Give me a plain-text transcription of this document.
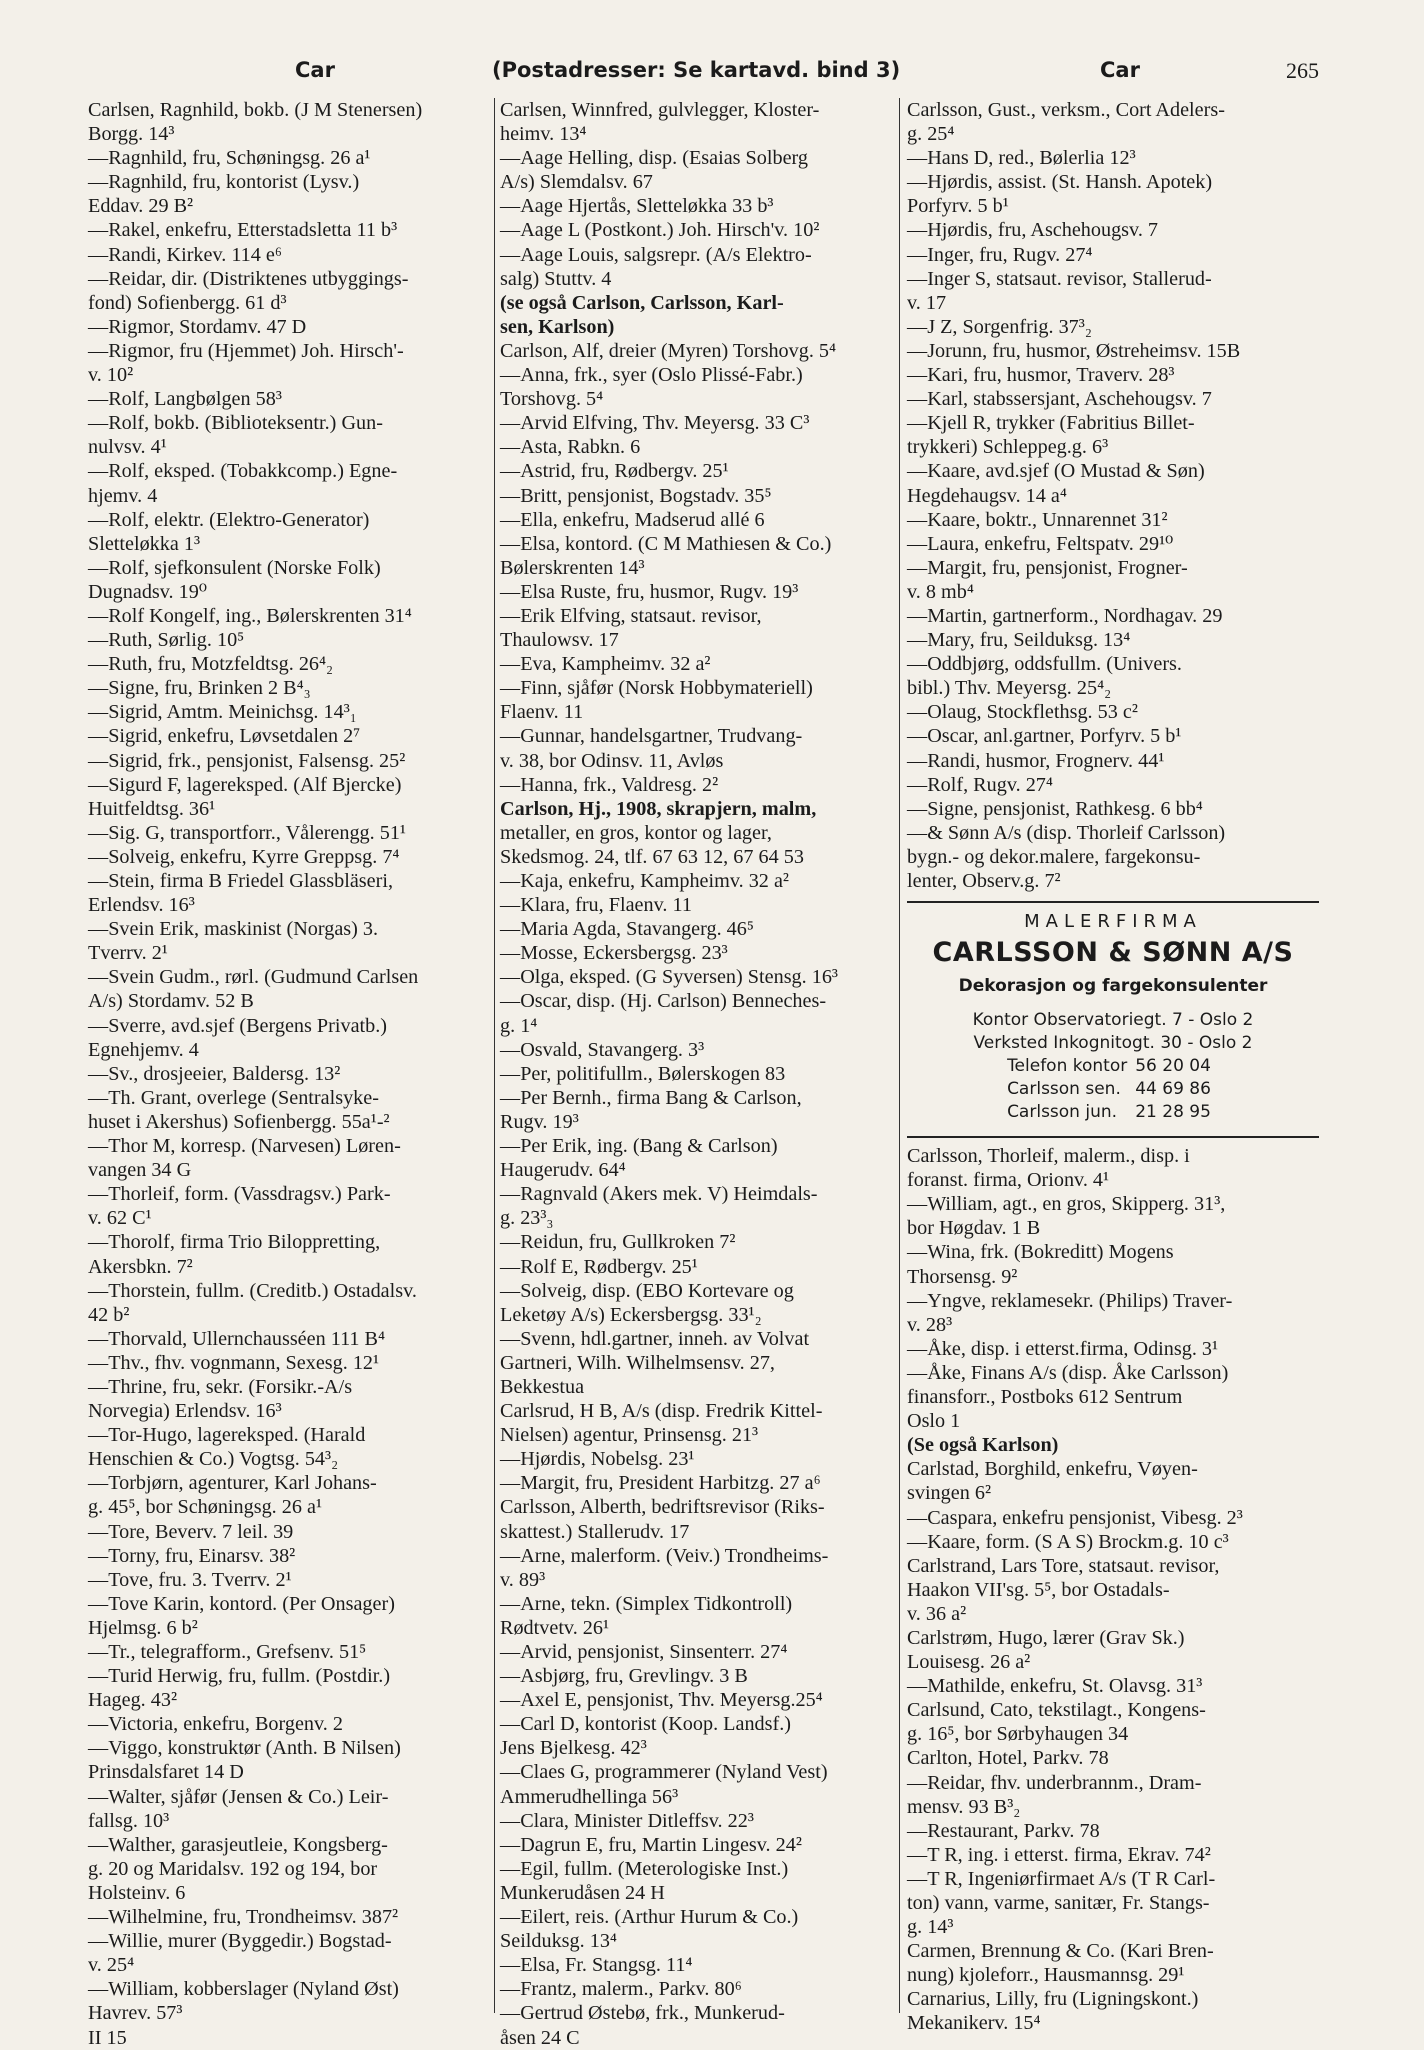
Car	(Postadresser: Se kartavd. bind 3)	Car	265
Carlsen, Ragnhild, bokb. (J M Stenersen)
Borgg. 14³
—Ragnhild, fru, Schøningsg. 26 a¹
—Ragnhild, fru, kontorist (Lysv.)
Eddav. 29 B²
—Rakel, enkefru, Etterstadsletta 11 b³
—Randi, Kirkev. 114 e⁶
—Reidar, dir. (Distriktenes utbyggings-
fond) Sofienbergg. 61 d³
—Rigmor, Stordamv. 47 D
—Rigmor, fru (Hjemmet) Joh. Hirsch'-
v. 10²
—Rolf, Langbølgen 58³
—Rolf, bokb. (Biblioteksentr.) Gun-
nulvsv. 4¹
—Rolf, eksped. (Tobakkcomp.) Egne-
hjemv. 4
—Rolf, elektr. (Elektro-Generator)
Sletteløkka 1³
—Rolf, sjefkonsulent (Norske Folk)
Dugnadsv. 19⁰
—Rolf Kongelf, ing., Bølerskrenten 31⁴
—Ruth, Sørlig. 10⁵
—Ruth, fru, Motzfeldtsg. 26⁴₂
—Signe, fru, Brinken 2 B⁴₃
—Sigrid, Amtm. Meinichsg. 14³₁
—Sigrid, enkefru, Løvsetdalen 2⁷
—Sigrid, frk., pensjonist, Falsensg. 25²
—Sigurd F, lagereksped. (Alf Bjercke)
Huitfeldtsg. 36¹
—Sig. G, transportforr., Vålerengg. 51¹
—Solveig, enkefru, Kyrre Greppsg. 7⁴
—Stein, firma B Friedel Glassbläseri,
Erlendsv. 16³
—Svein Erik, maskinist (Norgas) 3.
Tverrv. 2¹
—Svein Gudm., rørl. (Gudmund Carlsen
A/s) Stordamv. 52 B
—Sverre, avd.sjef (Bergens Privatb.)
Egnehjemv. 4
—Sv., drosjeeier, Baldersg. 13²
—Th. Grant, overlege (Sentralsyke-
huset i Akershus) Sofienbergg. 55a¹-²
—Thor M, korresp. (Narvesen) Løren-
vangen 34 G
—Thorleif, form. (Vassdragsv.) Park-
v. 62 C¹
—Thorolf, firma Trio Biloppretting,
Akersbkn. 7²
—Thorstein, fullm. (Creditb.) Ostadalsv.
42 b²
—Thorvald, Ullernchausséen 111 B⁴
—Thv., fhv. vognmann, Sexesg. 12¹
—Thrine, fru, sekr. (Forsikr.-A/s
Norvegia) Erlendsv. 16³
—Tor-Hugo, lagereksped. (Harald
Henschien & Co.) Vogtsg. 54³₂
—Torbjørn, agenturer, Karl Johans-
g. 45⁵, bor Schøningsg. 26 a¹
—Tore, Beverv. 7 leil. 39
—Torny, fru, Einarsv. 38²
—Tove, fru. 3. Tverrv. 2¹
—Tove Karin, kontord. (Per Onsager)
Hjelmsg. 6 b²
—Tr., telegrafform., Grefsenv. 51⁵
—Turid Herwig, fru, fullm. (Postdir.)
Hageg. 43²
—Victoria, enkefru, Borgenv. 2
—Viggo, konstruktør (Anth. B Nilsen)
Prinsdalsfaret 14 D
—Walter, sjåfør (Jensen & Co.) Leir-
fallsg. 10³
—Walther, garasjeutleie, Kongsberg-
g. 20 og Maridalsv. 192 og 194, bor
Holsteinv. 6
—Wilhelmine, fru, Trondheimsv. 387²
—Willie, murer (Byggedir.) Bogstad-
v. 25⁴
—William, kobberslager (Nyland Øst)
Havrev. 57³
II 15
Carlsen, Winnfred, gulvlegger, Kloster-
heimv. 13⁴
—Aage Helling, disp. (Esaias Solberg
A/s) Slemdalsv. 67
—Aage Hjertås, Sletteløkka 33 b³
—Aage L (Postkont.) Joh. Hirsch'v. 10²
—Aage Louis, salgsrepr. (A/s Elektro-
salg) Stuttv. 4
(se også Carlson, Carlsson, Karl-
sen, Karlson)
Carlson, Alf, dreier (Myren) Torshovg. 5⁴
—Anna, frk., syer (Oslo Plissé-Fabr.)
Torshovg. 5⁴
—Arvid Elfving, Thv. Meyersg. 33 C³
—Asta, Rabkn. 6
—Astrid, fru, Rødbergv. 25¹
—Britt, pensjonist, Bogstadv. 35⁵
—Ella, enkefru, Madserud allé 6
—Elsa, kontord. (C M Mathiesen & Co.)
Bølerskrenten 14³
—Elsa Ruste, fru, husmor, Rugv. 19³
—Erik Elfving, statsaut. revisor,
Thaulowsv. 17
—Eva, Kampheimv. 32 a²
—Finn, sjåfør (Norsk Hobbymateriell)
Flaenv. 11
—Gunnar, handelsgartner, Trudvang-
v. 38, bor Odinsv. 11, Avløs
—Hanna, frk., Valdresg. 2²
Carlson, Hj., 1908, skrapjern, malm,
metaller, en gros, kontor og lager,
Skedsmog. 24, tlf. 67 63 12, 67 64 53
—Kaja, enkefru, Kampheimv. 32 a²
—Klara, fru, Flaenv. 11
—Maria Agda, Stavangerg. 46⁵
—Mosse, Eckersbergsg. 23³
—Olga, eksped. (G Syversen) Stensg. 16³
—Oscar, disp. (Hj. Carlson) Benneches-
g. 1⁴
—Osvald, Stavangerg. 3³
—Per, politifullm., Bølerskogen 83
—Per Bernh., firma Bang & Carlson,
Rugv. 19³
—Per Erik, ing. (Bang & Carlson)
Haugerudv. 64⁴
—Ragnvald (Akers mek. V) Heimdals-
g. 23³₃
—Reidun, fru, Gullkroken 7²
—Rolf E, Rødbergv. 25¹
—Solveig, disp. (EBO Kortevare og
Leketøy A/s) Eckersbergsg. 33¹₂
—Svenn, hdl.gartner, inneh. av Volvat
Gartneri, Wilh. Wilhelmsensv. 27,
Bekkestua
Carlsrud, H B, A/s (disp. Fredrik Kittel-
Nielsen) agentur, Prinsensg. 21³
—Hjørdis, Nobelsg. 23¹
—Margit, fru, President Harbitzg. 27 a⁶
Carlsson, Alberth, bedriftsrevisor (Riks-
skattest.) Stallerudv. 17
—Arne, malerform. (Veiv.) Trondheims-
v. 89³
—Arne, tekn. (Simplex Tidkontroll)
Rødtvetv. 26¹
—Arvid, pensjonist, Sinsenterr. 27⁴
—Asbjørg, fru, Grevlingv. 3 B
—Axel E, pensjonist, Thv. Meyersg.25⁴
—Carl D, kontorist (Koop. Landsf.)
Jens Bjelkesg. 42³
—Claes G, programmerer (Nyland Vest)
Ammerudhellinga 56³
—Clara, Minister Ditleffsv. 22³
—Dagrun E, fru, Martin Lingesv. 24²
—Egil, fullm. (Meterologiske Inst.)
Munkerudåsen 24 H
—Eilert, reis. (Arthur Hurum & Co.)
Seilduksg. 13⁴
—Elsa, Fr. Stangsg. 11⁴
—Frantz, malerm., Parkv. 80⁶
—Gertrud Østebø, frk., Munkerud-
åsen 24 C
Carlsson, Gust., verksm., Cort Adelers-
g. 25⁴
—Hans D, red., Bølerlia 12³
—Hjørdis, assist. (St. Hansh. Apotek)
Porfyrv. 5 b¹
—Hjørdis, fru, Aschehougsv. 7
—Inger, fru, Rugv. 27⁴
—Inger S, statsaut. revisor, Stallerud-
v. 17
—J Z, Sorgenfrig. 37³₂
—Jorunn, fru, husmor, Østreheimsv. 15B
—Kari, fru, husmor, Traverv. 28³
—Karl, stabssersjant, Aschehougsv. 7
—Kjell R, trykker (Fabritius Billet-
trykkeri) Schleppeg.g. 6³
—Kaare, avd.sjef (O Mustad & Søn)
Hegdehaugsv. 14 a⁴
—Kaare, boktr., Unnarennet 31²
—Laura, enkefru, Feltspatv. 29¹⁰
—Margit, fru, pensjonist, Frogner-
v. 8 mb⁴
—Martin, gartnerform., Nordhagav. 29
—Mary, fru, Seilduksg. 13⁴
—Oddbjørg, oddsfullm. (Univers.
bibl.) Thv. Meyersg. 25⁴₂
—Olaug, Stockflethsg. 53 c²
—Oscar, anl.gartner, Porfyrv. 5 b¹
—Randi, husmor, Frognerv. 44¹
—Rolf, Rugv. 27⁴
—Signe, pensjonist, Rathkesg. 6 bb⁴
—& Sønn A/s (disp. Thorleif Carlsson)
bygn.- og dekor.malere, fargekonsu-
lenter, Observ.g. 7²
MALERFIRMA
CARLSSON & SØNN A/S
Dekorasjon og fargekonsulenter
Kontor Observatoriegt. 7 - Oslo 2
Verksted Inkognitogt. 30 - Oslo 2
Telefon kontor	56 20 04
Carlsson sen.	44 69 86
Carlsson jun.	21 28 95
Carlsson, Thorleif, malerm., disp. i
foranst. firma, Orionv. 4¹
—William, agt., en gros, Skipperg. 31³,
bor Høgdav. 1 B
—Wina, frk. (Bokreditt) Mogens
Thorsensg. 9²
—Yngve, reklamesekr. (Philips) Traver-
v. 28³
—Åke, disp. i etterst.firma, Odinsg. 3¹
—Åke, Finans A/s (disp. Åke Carlsson)
finansforr., Postboks 612 Sentrum
Oslo 1
(Se også Karlson)
Carlstad, Borghild, enkefru, Vøyen-
svingen 6²
—Caspara, enkefru pensjonist, Vibesg. 2³
—Kaare, form. (S A S) Brockm.g. 10 c³
Carlstrand, Lars Tore, statsaut. revisor,
Haakon VII'sg. 5⁵, bor Ostadals-
v. 36 a²
Carlstrøm, Hugo, lærer (Grav Sk.)
Louisesg. 26 a²
—Mathilde, enkefru, St. Olavsg. 31³
Carlsund, Cato, tekstilagt., Kongens-
g. 16⁵, bor Sørbyhaugen 34
Carlton, Hotel, Parkv. 78
—Reidar, fhv. underbrannm., Dram-
mensv. 93 B³₂
—Restaurant, Parkv. 78
—T R, ing. i etterst. firma, Ekrav. 74²
—T R, Ingeniørfirmaet A/s (T R Carl-
ton) vann, varme, sanitær, Fr. Stangs-
g. 14³
Carmen, Brennung & Co. (Kari Bren-
nung) kjoleforr., Hausmannsg. 29¹
Carnarius, Lilly, fru (Ligningskont.)
Mekanikerv. 15⁴
